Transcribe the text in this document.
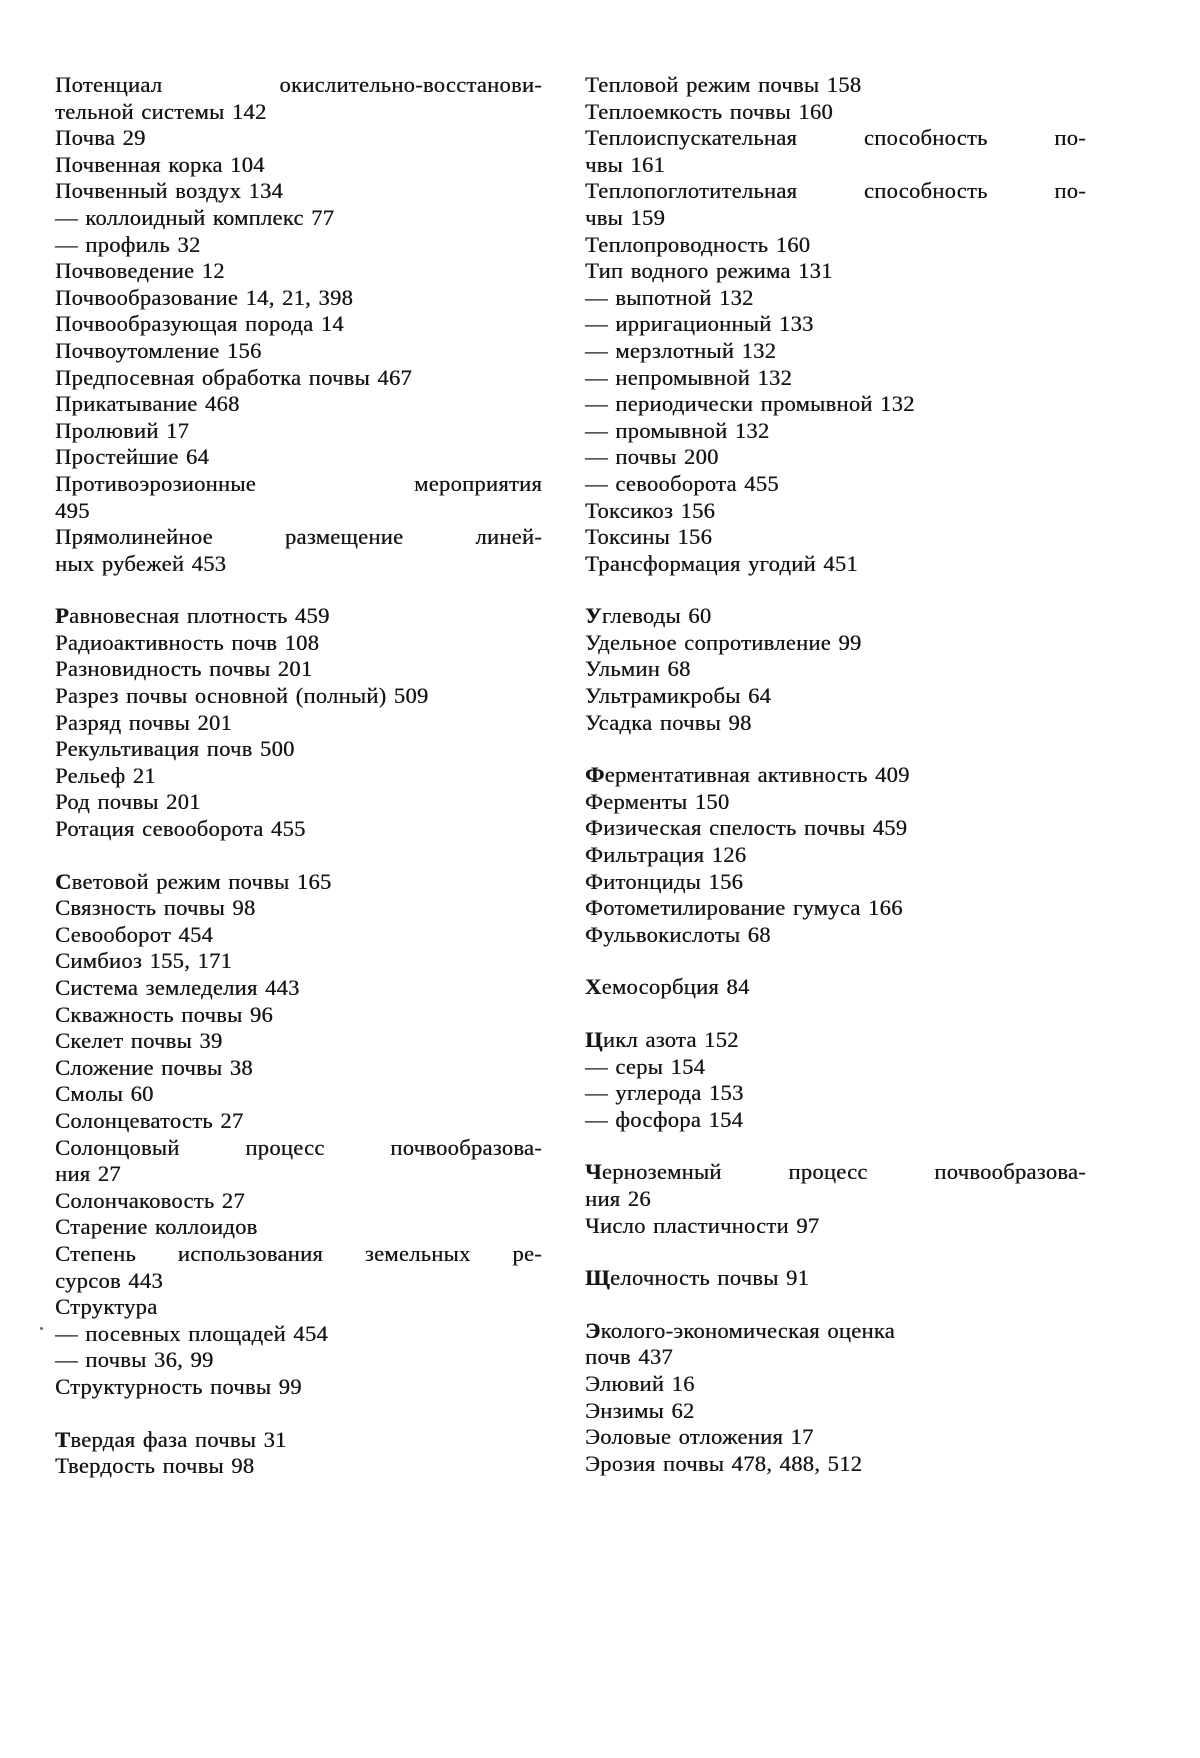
Потенциал окислительно-восстанови-
тельной системы 142
Почва 29
Почвенная корка 104
Почвенный воздух 134
— коллоидный комплекс 77
— профиль 32
Почвоведение 12
Почвообразование 14, 21, 398
Почвообразующая порода 14
Почвоутомление 156
Предпосевная обработка почвы 467
Прикатывание 468
Пролювий 17
Простейшие 64
Противоэрозионные мероприятия
495
Прямолинейное размещение линей-
ных рубежей 453
Равновесная плотность 459
Радиоактивность почв 108
Разновидность почвы 201
Разрез почвы основной (полный) 509
Разряд почвы 201
Рекультивация почв 500
Рельеф 21
Род почвы 201
Ротация севооборота 455
Световой режим почвы 165
Связность почвы 98
Севооборот 454
Симбиоз 155, 171
Система земледелия 443
Скважность почвы 96
Скелет почвы 39
Сложение почвы 38
Смолы 60
Солонцеватость 27
Солонцовый процесс почвообразова-
ния 27
Солончаковость 27
Старение коллоидов
Степень использования земельных ре-
сурсов 443
Структура
— посевных площадей 454
— почвы 36, 99
Структурность почвы 99
Твердая фаза почвы 31
Твердость почвы 98
Тепловой режим почвы 158
Теплоемкость почвы 160
Теплоиспускательная способность по-
чвы 161
Теплопоглотительная способность по-
чвы 159
Теплопроводность 160
Тип водного режима 131
— выпотной 132
— ирригационный 133
— мерзлотный 132
— непромывной 132
— периодически промывной 132
— промывной 132
— почвы 200
— севооборота 455
Токсикоз 156
Токсины 156
Трансформация угодий 451
Углеводы 60
Удельное сопротивление 99
Ульмин 68
Ультрамикробы 64
Усадка почвы 98
Ферментативная активность 409
Ферменты 150
Физическая спелость почвы 459
Фильтрация 126
Фитонциды 156
Фотометилирование гумуса 166
Фульвокислоты 68
Хемосорбция 84
Цикл азота 152
— серы 154
— углерода 153
— фосфора 154
Черноземный процесс почвообразова-
ния 26
Число пластичности 97
Щелочность почвы 91
Эколого-экономическая оценка
почв 437
Элювий 16
Энзимы 62
Эоловые отложения 17
Эрозия почвы 478, 488, 512
